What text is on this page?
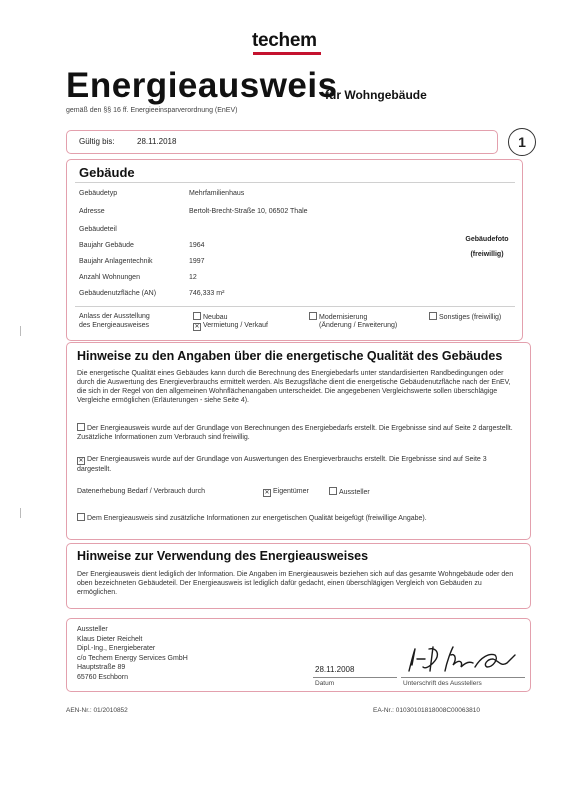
techem
Energieausweis
für Wohngebäude
gemäß den §§ 16 ff. Energieeinsparverordnung (EnEV)
Gültig bis:	28.11.2018	1
Gebäude
Gebäudetyp	Mehrfamilienhaus
Adresse	Bertolt-Brecht-Straße 10, 06502 Thale
Gebäudeteil
Baujahr Gebäude	1964
Baujahr Anlagentechnik	1997
Anzahl Wohnungen	12
Gebäudenutzfläche (AN)	746,333 m²
Gebäudefoto
(freiwillig)
Anlass der Ausstellung
des Energieausweises
Neubau
✕ Vermietung / Verkauf
Modernisierung
(Änderung / Erweiterung)
Sonstiges (freiwillig)
Hinweise zu den Angaben über die energetische Qualität des Gebäudes
Die energetische Qualität eines Gebäudes kann durch die Berechnung des Energiebedarfs unter standardisierten Randbedingungen oder durch die Auswertung des Energieverbrauchs ermittelt werden. Als Bezugsfläche dient die energetische Gebäudenutzfläche nach der EnEV, die sich in der Regel von den allgemeinen Wohnflächenangaben unterscheidet. Die angegebenen Vergleichswerte sollen überschlägige Vergleiche ermöglichen (Erläuterungen - siehe Seite 4).
Der Energieausweis wurde auf der Grundlage von Berechnungen des Energiebedarfs erstellt. Die Ergebnisse sind auf Seite 2 dargestellt. Zusätzliche Informationen zum Verbrauch sind freiwillig.
✕ Der Energieausweis wurde auf der Grundlage von Auswertungen des Energieverbrauchs erstellt. Die Ergebnisse sind auf Seite 3 dargestellt.
Datenerhebung Bedarf / Verbrauch durch	✕ Eigentümer	Aussteller
Dem Energieausweis sind zusätzliche Informationen zur energetischen Qualität beigefügt (freiwillige Angabe).
Hinweise zur Verwendung des Energieausweises
Der Energieausweis dient lediglich der Information. Die Angaben im Energieausweis beziehen sich auf das gesamte Wohngebäude oder den oben bezeichneten Gebäudeteil. Der Energieausweis ist lediglich dafür gedacht, einen überschlägigen Vergleich von Gebäuden zu ermöglichen.
Aussteller
Klaus Dieter Reichelt
Dipl.-Ing., Energieberater
c/o Techem Energy Services GmbH
Hauptstraße 89
65760 Eschborn
28.11.2008
Datum	Unterschrift des Ausstellers
AEN-Nr.: 01/2010852	EA-Nr.: 01030101818008C00063810
